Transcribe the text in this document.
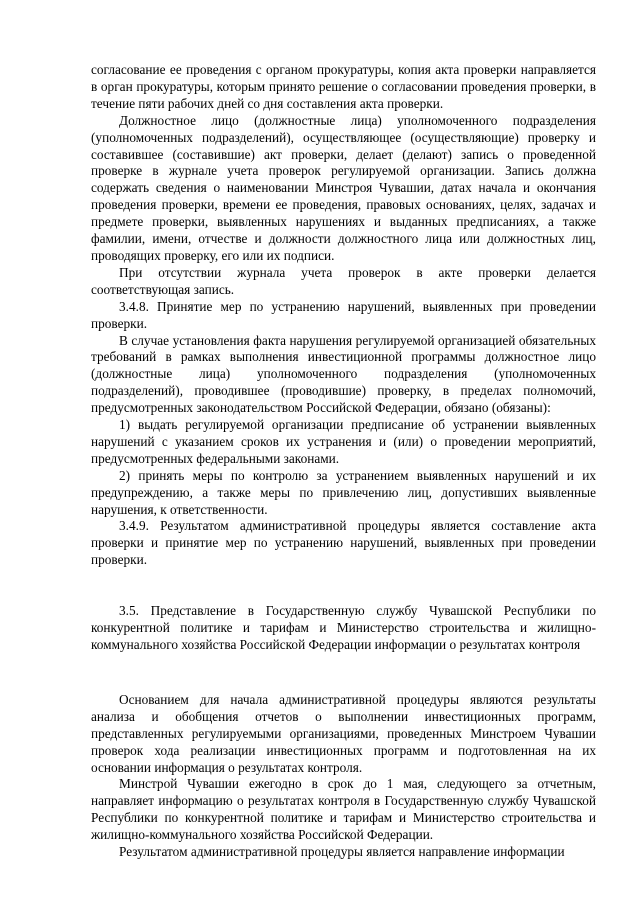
согласование ее проведения с органом прокуратуры, копия акта проверки направляется в орган прокуратуры, которым принято решение о согласовании проведения проверки, в течение пяти рабочих дней со дня составления акта проверки.

Должностное лицо (должностные лица) уполномоченного подразделения (уполномоченных подразделений), осуществляющее (осуществляющие) проверку и составившее (составившие) акт проверки, делает (делают) запись о проведенной проверке в журнале учета проверок регулируемой организации. Запись должна содержать сведения о наименовании Минстроя Чувашии, датах начала и окончания проведения проверки, времени ее проведения, правовых основаниях, целях, задачах и предмете проверки, выявленных нарушениях и выданных предписаниях, а также фамилии, имени, отчестве и должности должностного лица или должностных лиц, проводящих проверку, его или их подписи.

При отсутствии журнала учета проверок в акте проверки делается соответствующая запись.

3.4.8. Принятие мер по устранению нарушений, выявленных при проведении проверки.

В случае установления факта нарушения регулируемой организацией обязательных требований в рамках выполнения инвестиционной программы должностное лицо (должностные лица) уполномоченного подразделения (уполномоченных подразделений), проводившее (проводившие) проверку, в пределах полномочий, предусмотренных законодательством Российской Федерации, обязано (обязаны):

1) выдать регулируемой организации предписание об устранении выявленных нарушений с указанием сроков их устранения и (или) о проведении мероприятий, предусмотренных федеральными законами.

2) принять меры по контролю за устранением выявленных нарушений и их предупреждению, а также меры по привлечению лиц, допустивших выявленные нарушения, к ответственности.

3.4.9. Результатом административной процедуры является составление акта проверки и принятие мер по устранению нарушений, выявленных при проведении проверки.

3.5. Представление в Государственную службу Чувашской Республики по конкурентной политике и тарифам и Министерство строительства и жилищно-коммунального хозяйства Российской Федерации информации о результатах контроля

Основанием для начала административной процедуры являются результаты анализа и обобщения отчетов о выполнении инвестиционных программ, представленных регулируемыми организациями, проведенных Минстроем Чувашии проверок хода реализации инвестиционных программ и подготовленная на их основании информация о результатах контроля.

Минстрой Чувашии ежегодно в срок до 1 мая, следующего за отчетным, направляет информацию о результатах контроля в Государственную службу Чувашской Республики по конкурентной политике и тарифам и Министерство строительства и жилищно-коммунального хозяйства Российской Федерации.

Результатом административной процедуры является направление информации
